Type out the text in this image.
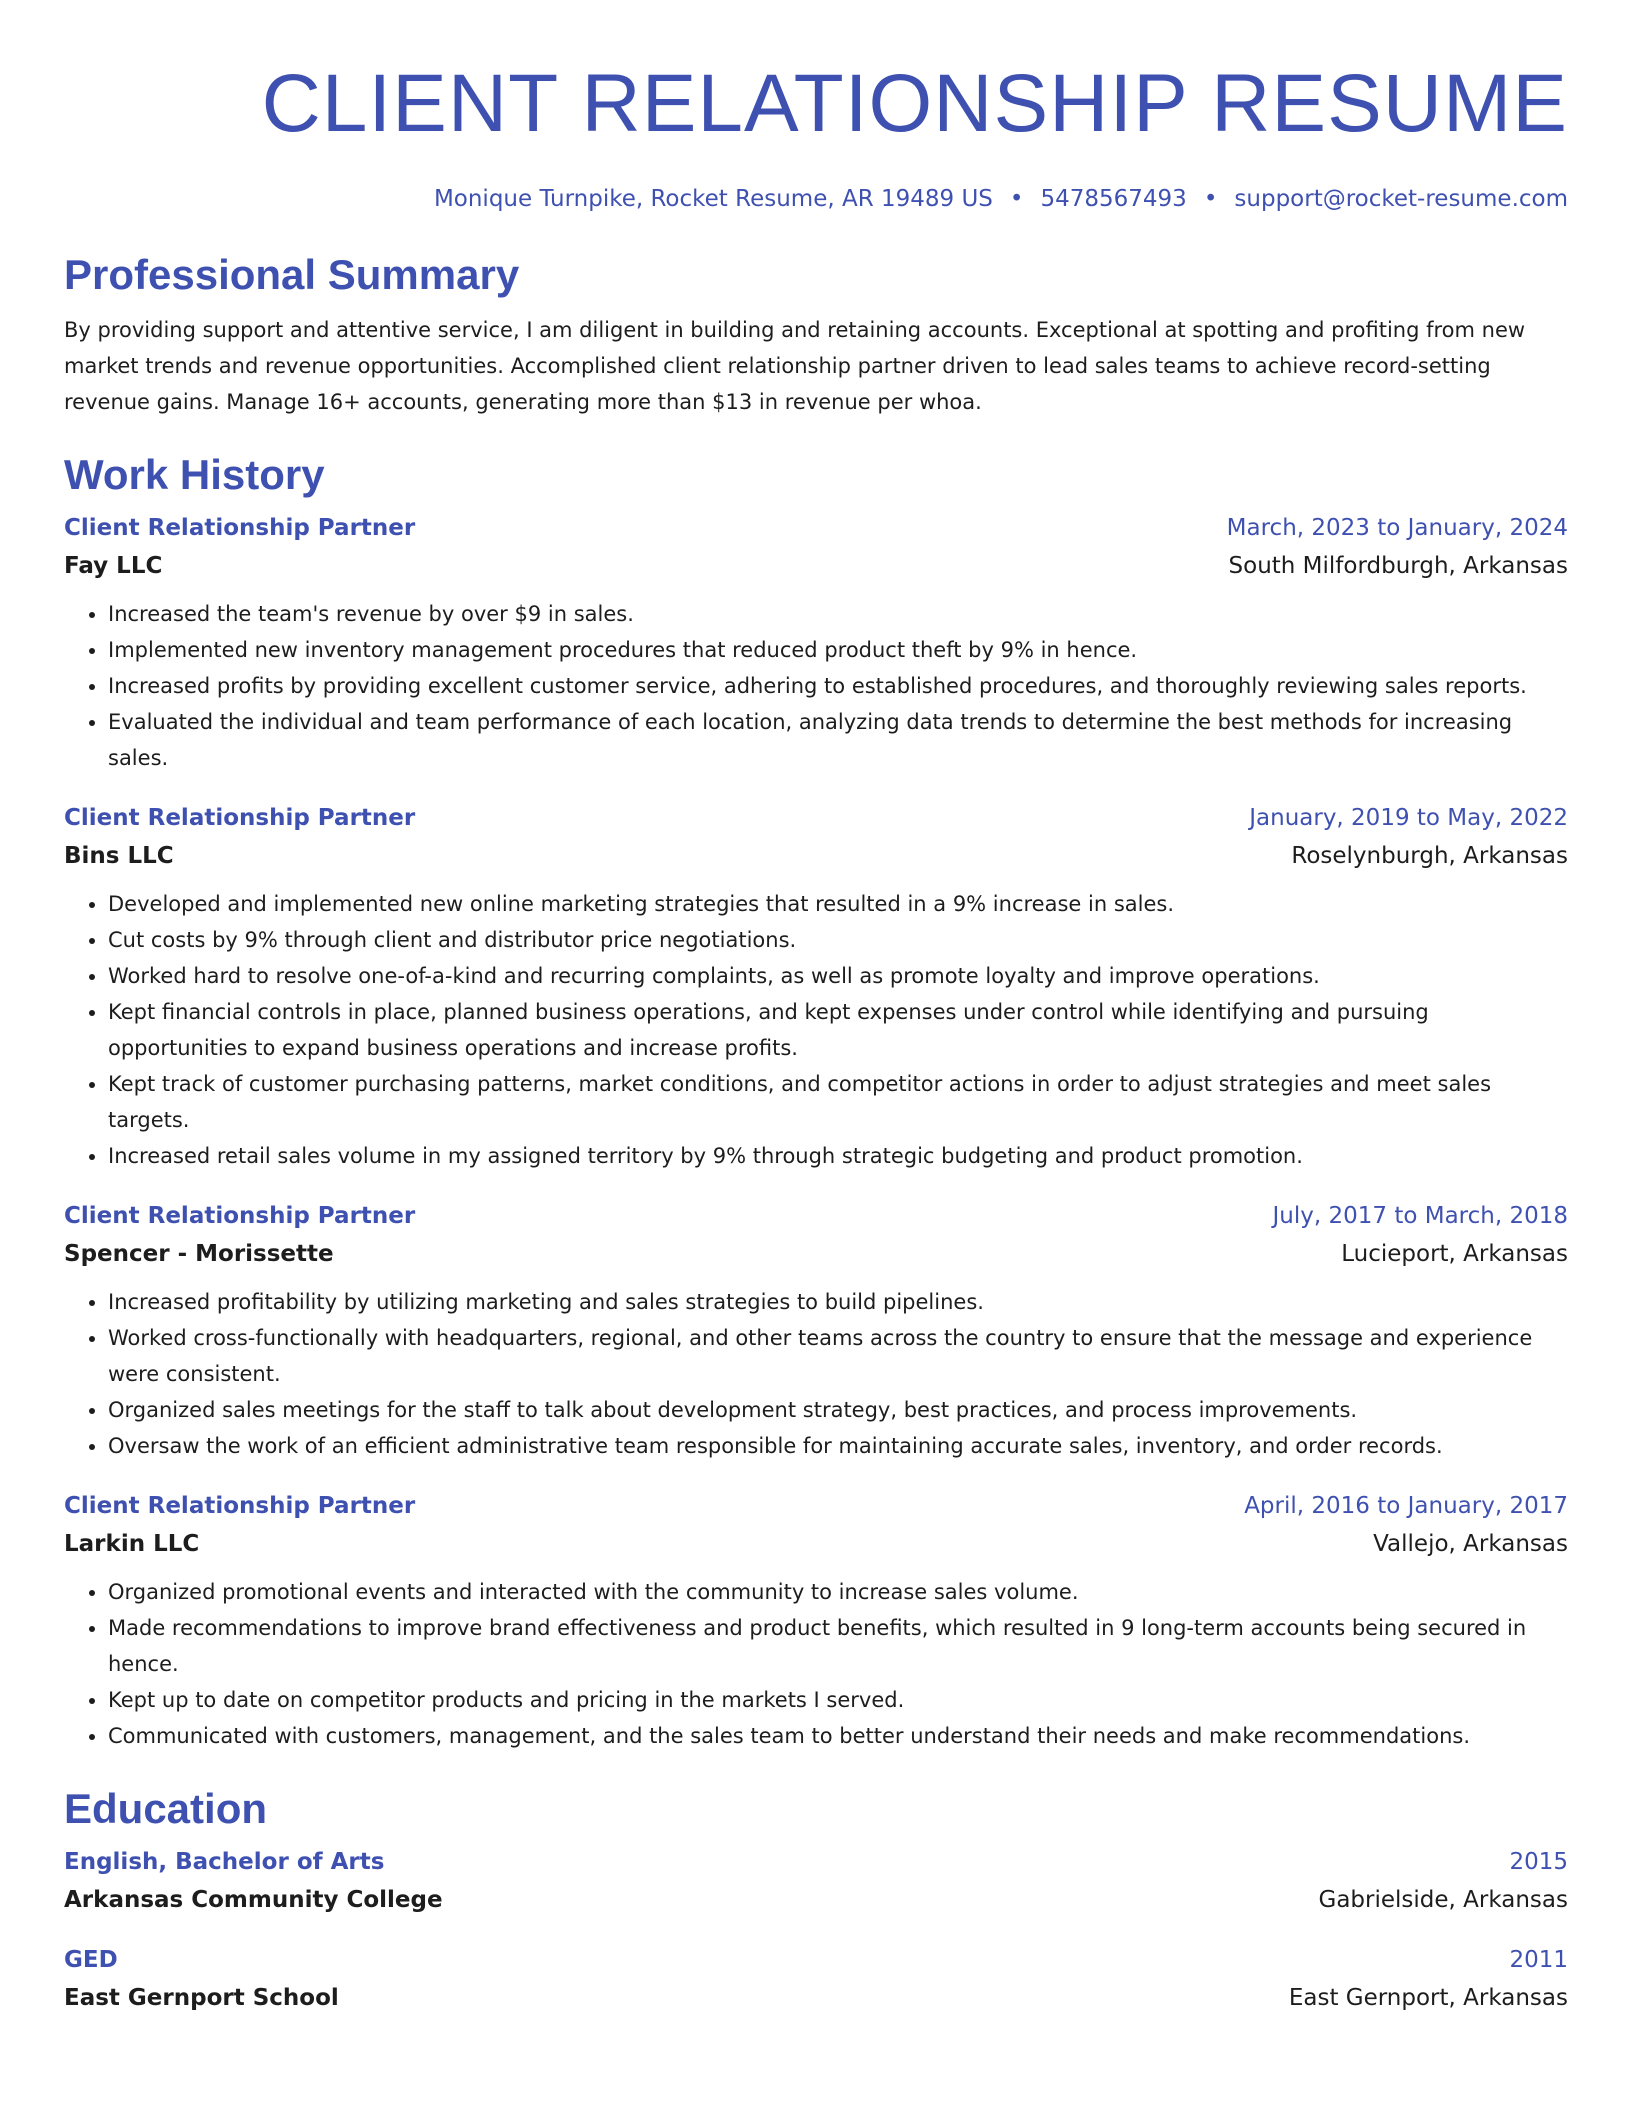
CLIENT RELATIONSHIP RESUME
Monique Turnpike, Rocket Resume, AR 19489 US • 5478567493 • support@rocket-resume.com
Professional Summary
By providing support and attentive service, I am diligent in building and retaining accounts. Exceptional at spotting and profiting from new market trends and revenue opportunities. Accomplished client relationship partner driven to lead sales teams to achieve record-setting revenue gains. Manage 16+ accounts, generating more than $13 in revenue per whoa.
Work History
Client Relationship Partner	March, 2023 to January, 2024
Fay LLC	South Milfordburgh, Arkansas
• Increased the team's revenue by over $9 in sales.
• Implemented new inventory management procedures that reduced product theft by 9% in hence.
• Increased profits by providing excellent customer service, adhering to established procedures, and thoroughly reviewing sales reports.
• Evaluated the individual and team performance of each location, analyzing data trends to determine the best methods for increasing sales.
Client Relationship Partner	January, 2019 to May, 2022
Bins LLC	Roselynburgh, Arkansas
• Developed and implemented new online marketing strategies that resulted in a 9% increase in sales.
• Cut costs by 9% through client and distributor price negotiations.
• Worked hard to resolve one-of-a-kind and recurring complaints, as well as promote loyalty and improve operations.
• Kept financial controls in place, planned business operations, and kept expenses under control while identifying and pursuing opportunities to expand business operations and increase profits.
• Kept track of customer purchasing patterns, market conditions, and competitor actions in order to adjust strategies and meet sales targets.
• Increased retail sales volume in my assigned territory by 9% through strategic budgeting and product promotion.
Client Relationship Partner	July, 2017 to March, 2018
Spencer - Morissette	Lucieport, Arkansas
• Increased profitability by utilizing marketing and sales strategies to build pipelines.
• Worked cross-functionally with headquarters, regional, and other teams across the country to ensure that the message and experience were consistent.
• Organized sales meetings for the staff to talk about development strategy, best practices, and process improvements.
• Oversaw the work of an efficient administrative team responsible for maintaining accurate sales, inventory, and order records.
Client Relationship Partner	April, 2016 to January, 2017
Larkin LLC	Vallejo, Arkansas
• Organized promotional events and interacted with the community to increase sales volume.
• Made recommendations to improve brand effectiveness and product benefits, which resulted in 9 long-term accounts being secured in hence.
• Kept up to date on competitor products and pricing in the markets I served.
• Communicated with customers, management, and the sales team to better understand their needs and make recommendations.
Education
English, Bachelor of Arts	2015
Arkansas Community College	Gabrielside, Arkansas
GED	2011
East Gernport School	East Gernport, Arkansas
